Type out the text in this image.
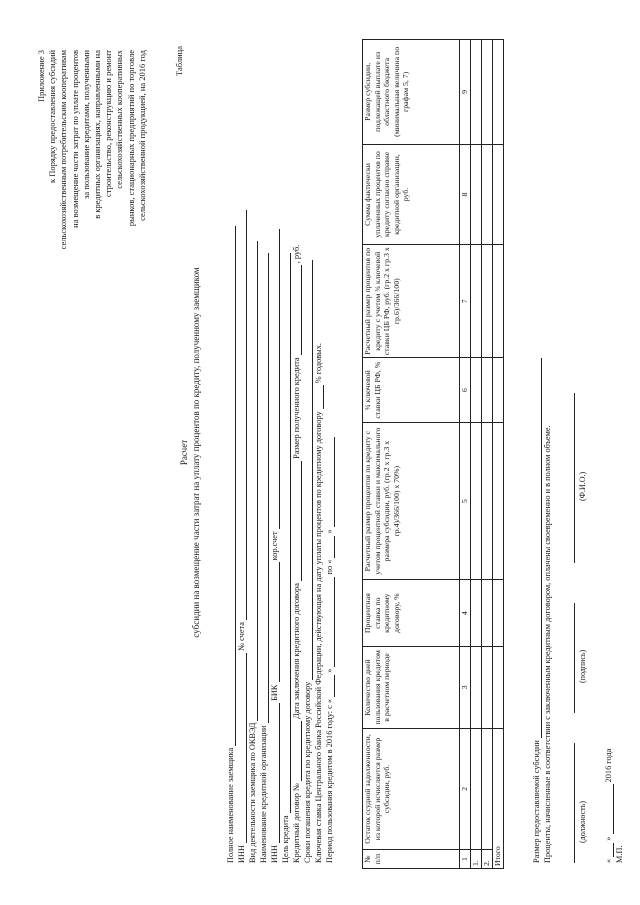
Приложение 3 к Порядку предоставления субсидий сельскохозяйственным потребительским кооперативам на возмещение части затрат по уплате процентов за пользование кредитами, полученными в кредитных организациях, направленными на строительство, реконструкцию и ремонт сельскохозяйственных кооперативных рынков, стационарных предприятий по торговле сельскохозяйственной продукцией, на 2016 год	Таблица
Расчет субсидии на возмещение части затрат на уплату процентов по кредиту, полученному заемщиком
Полное наименование заемщика ИНН  № счета
Вид деятельности заемщика по ОКВЭД Наименование кредитной организации ИНН  БИК  кор.счет
Цель кредита Кредитный договор №  Дата заключения кредитного договора  Размер полученного кредита  , руб.
Сроки погашения кредита по кредитному договору Ключевая ставка Центрального банка Российской Федерации, действующая на дату уплаты процентов по кредитному договору  % годовых.
Период пользования кредитом в 2016 году: с «  »  по «  »
№ п/п	Остаток ссудной задолженности, из которой исчисляется размер субсидии, руб.	Количество дней пользования кредитом в расчетном периоде	Процентная ставка по кредитному договору, %	Расчетный размер процентов по кредиту с учетом процентной ставки и максимального размера субсидии, руб. (гр.2 х гр.3 х гр.4)/366/100) х 70%)	¾ ключевой ставки ЦБ РФ, %	Расчетный размер процентов по кредиту с учетом ¾ ключевой ставки ЦБ РФ, руб. (гр.2 х гр.3 х гр.6)/366/100)	Сумма фактически уплаченных процентов по кредиту согласно справке кредитной организации, руб.	Размер субсидии, подлежащей выплате из областного бюджета (минимальная величина по графам 5, 7)
1	2	3	4	5	6	7	8	9
1.								
2.								
Итого									Размер предоставляемой субсидии Проценты, начисленные в соответствии с заключенным кредитным договором, оплачены своевременно и в полном объеме.	(должность)
(подпись)
(Ф.И.О.)
«  »  2016 года
М.П.
